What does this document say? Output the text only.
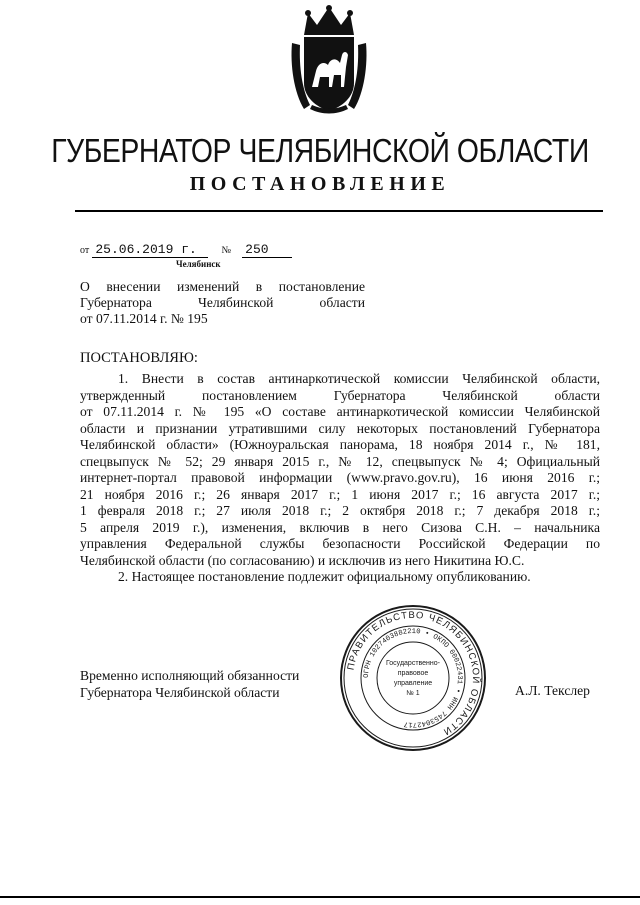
ГУБЕРНАТОР ЧЕЛЯБИНСКОЙ ОБЛАСТИ
ПОСТАНОВЛЕНИЕ
от 25.06.2019 г. № 250
Челябинск
О внесении изменений в постановление
Губернатора Челябинской области
от 07.11.2014 г. № 195
ПОСТАНОВЛЯЮ:

1. Внести в состав антинаркотической комиссии Челябинской области,

утвержденный постановлением Губернатора Челябинской области

от 07.11.2014 г. № 195 «О составе антинаркотической комиссии Челябинской

области и признании утратившими силу некоторых постановлений Губернатора

Челябинской области» (Южноуральская панорама, 18 ноября 2014 г., № 181,

спецвыпуск № 52; 29 января 2015 г., № 12, спецвыпуск № 4; Официальный

интернет-портал правовой информации (www.pravo.gov.ru), 16 июня 2016 г.;

21 ноября 2016 г.; 26 января 2017 г.; 1 июня 2017 г.; 16 августа 2017 г.;

1 февраля 2018 г.; 27 июля 2018 г.; 2 октября 2018 г.; 7 декабря 2018 г.;

5 апреля 2019 г.), изменения, включив в него Сизова С.Н. – начальника

управления Федеральной службы безопасности Российской Федерации по

Челябинской области (по согласованию) и исключив из него Никитина Ю.С.

2. Настоящее постановление подлежит официальному опубликованию.

Временно исполняющий обязанности
Губернатора Челябинской области	А.Л. Текслер
ПРАВИТЕЛЬСТВО ЧЕЛЯБИНСКОЙ ОБЛАСТИ
ОГРН 1027403882210 • ОКПО 00022431 • ИНН 7453042717
Государственно-
правовое
управление
№ 1
